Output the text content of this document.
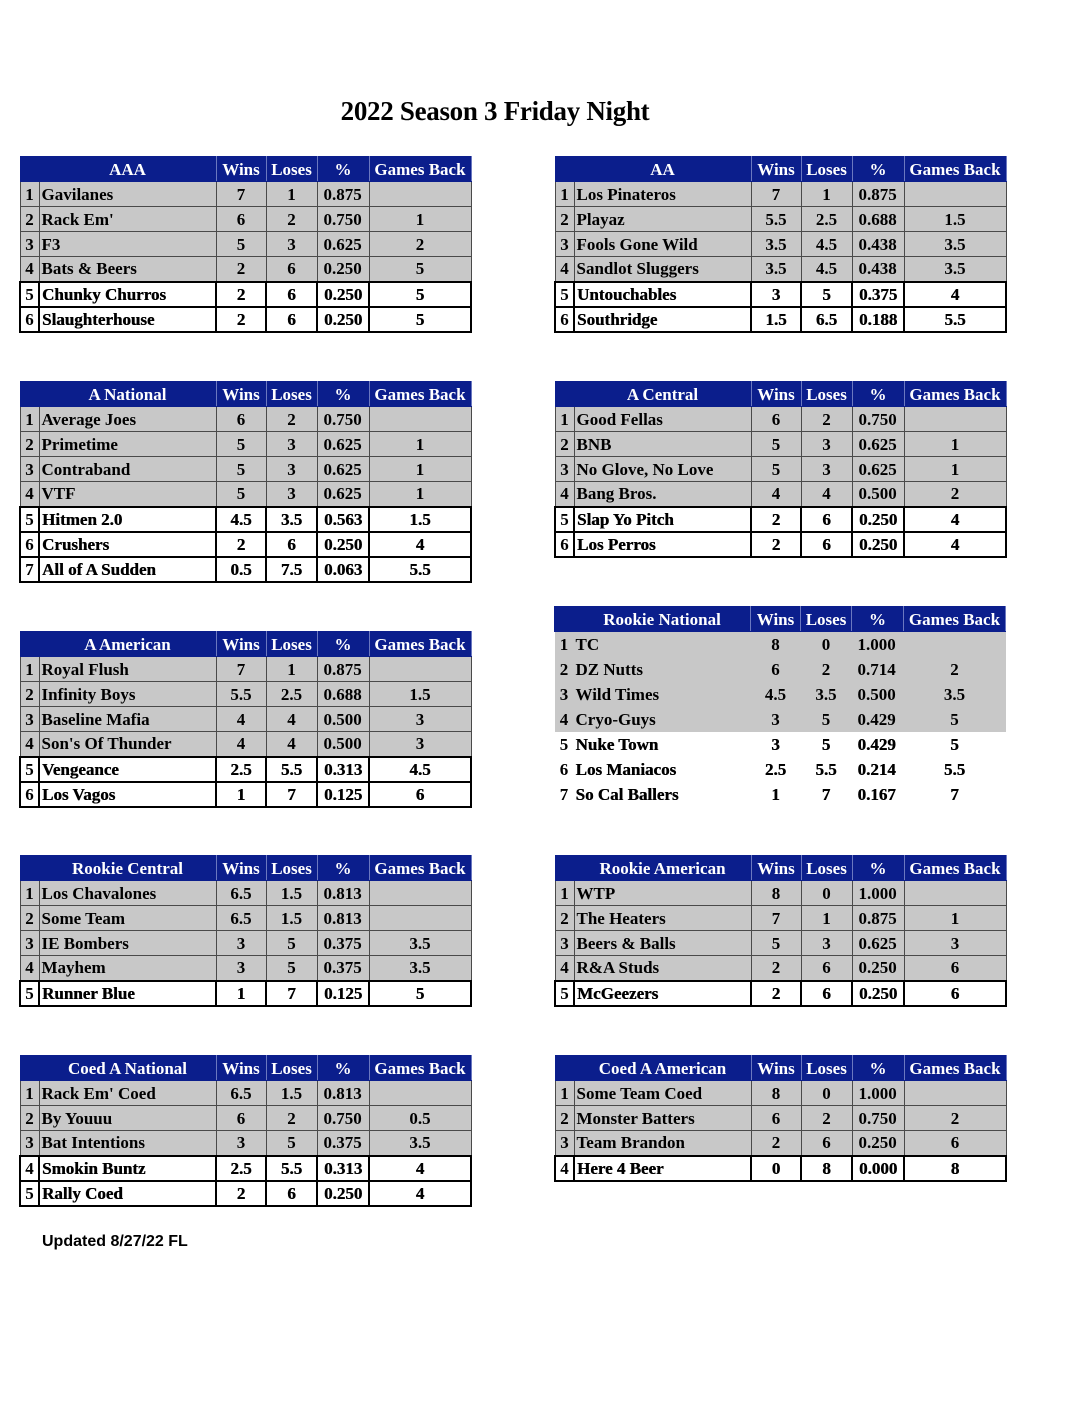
2022 Season 3 Friday Night
	AAA	Wins	Loses	%	Games Back
1	Gavilanes	7	1	0.875	
2	Rack Em'	6	2	0.750	1
3	F3	5	3	0.625	2
4	Bats & Beers	2	6	0.250	5
5	Chunky Churros	2	6	0.250	5
6	Slaughterhouse	2	6	0.250	5
	AA	Wins	Loses	%	Games Back
1	Los Pinateros	7	1	0.875	
2	Playaz	5.5	2.5	0.688	1.5
3	Fools Gone Wild	3.5	4.5	0.438	3.5
4	Sandlot Sluggers	3.5	4.5	0.438	3.5
5	Untouchables	3	5	0.375	4
6	Southridge	1.5	6.5	0.188	5.5
	A National	Wins	Loses	%	Games Back
1	Average Joes	6	2	0.750	
2	Primetime	5	3	0.625	1
3	Contraband	5	3	0.625	1
4	VTF	5	3	0.625	1
5	Hitmen 2.0	4.5	3.5	0.563	1.5
6	Crushers	2	6	0.250	4
7	All of A Sudden	0.5	7.5	0.063	5.5
	A Central	Wins	Loses	%	Games Back
1	Good Fellas	6	2	0.750	
2	BNB	5	3	0.625	1
3	No Glove, No Love	5	3	0.625	1
4	Bang Bros.	4	4	0.500	2
5	Slap Yo Pitch	2	6	0.250	4
6	Los Perros	2	6	0.250	4
	A American	Wins	Loses	%	Games Back
1	Royal Flush	7	1	0.875	
2	Infinity Boys	5.5	2.5	0.688	1.5
3	Baseline Mafia	4	4	0.500	3
4	Son's Of Thunder	4	4	0.500	3
5	Vengeance	2.5	5.5	0.313	4.5
6	Los Vagos	1	7	0.125	6
	Rookie National	Wins	Loses	%	Games Back
1	TC	8	0	1.000	
2	DZ Nutts	6	2	0.714	2
3	Wild Times	4.5	3.5	0.500	3.5
4	Cryo-Guys	3	5	0.429	5
5	Nuke Town	3	5	0.429	5
6	Los Maniacos	2.5	5.5	0.214	5.5
7	So Cal Ballers	1	7	0.167	7
	Rookie Central	Wins	Loses	%	Games Back
1	Los Chavalones	6.5	1.5	0.813	
2	Some Team	6.5	1.5	0.813	
3	IE Bombers	3	5	0.375	3.5
4	Mayhem	3	5	0.375	3.5
5	Runner Blue	1	7	0.125	5
	Rookie American	Wins	Loses	%	Games Back
1	WTP	8	0	1.000	
2	The Heaters	7	1	0.875	1
3	Beers & Balls	5	3	0.625	3
4	R&A Studs	2	6	0.250	6
5	McGeezers	2	6	0.250	6
	Coed A National	Wins	Loses	%	Games Back
1	Rack Em' Coed	6.5	1.5	0.813	
2	By Youuu	6	2	0.750	0.5
3	Bat Intentions	3	5	0.375	3.5
4	Smokin Buntz	2.5	5.5	0.313	4
5	Rally Coed	2	6	0.250	4
	Coed A American	Wins	Loses	%	Games Back
1	Some Team Coed	8	0	1.000	
2	Monster Batters	6	2	0.750	2
3	Team Brandon	2	6	0.250	6
4	Here 4 Beer	0	8	0.000	8
Updated 8/27/22 FL
